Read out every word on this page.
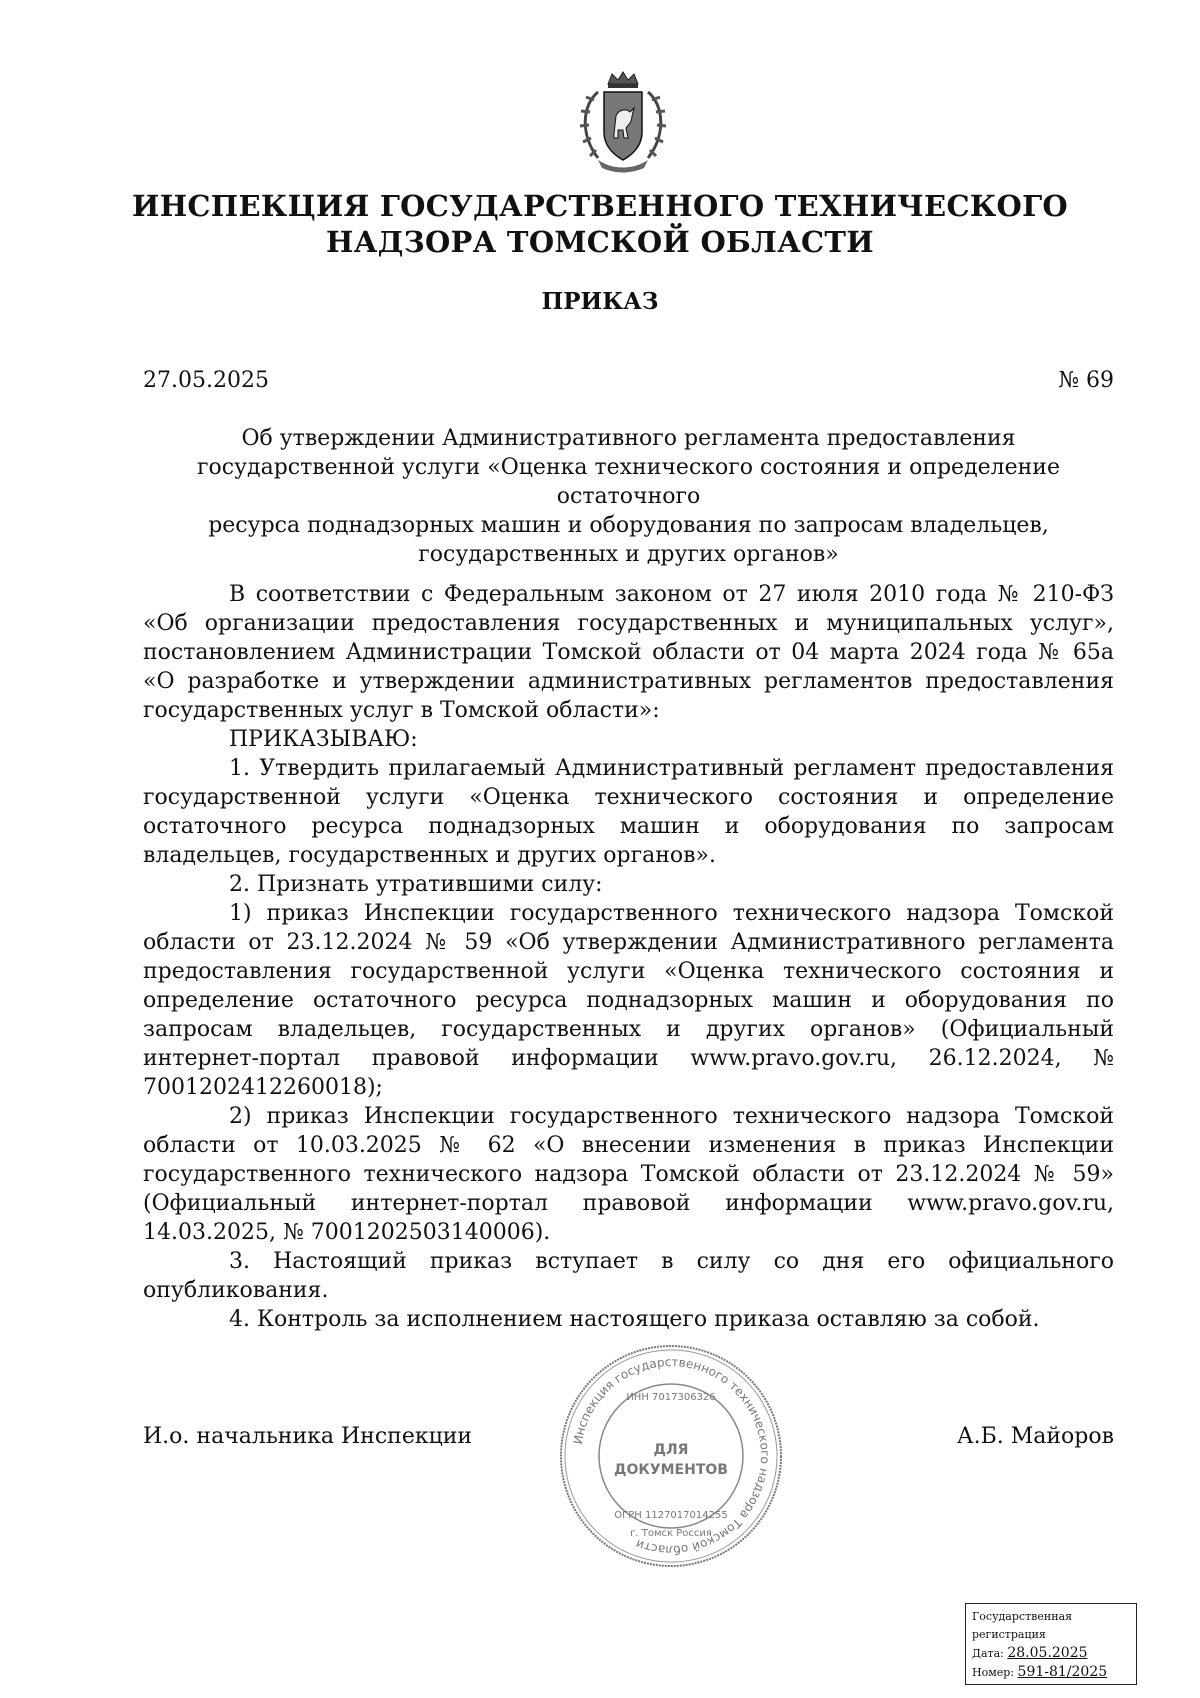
ИНСПЕКЦИЯ ГОСУДАРСТВЕННОГО ТЕХНИЧЕСКОГО
НАДЗОРА ТОМСКОЙ ОБЛАСТИ
ПРИКАЗ
27.05.2025	№ 69
Об утверждении Административного регламента предоставления
государственной услуги «Оценка технического состояния и определение остаточного
ресурса поднадзорных машин и оборудования по запросам владельцев,
государственных и других органов»

В соответствии с Федеральным законом от 27 июля 2010 года № 210-ФЗ «Об организации предоставления государственных и муниципальных услуг», постановлением Администрации Томской области от 04 марта 2024 года № 65а «О разработке и утверждении административных регламентов предоставления государственных услуг в Томской области»:

ПРИКАЗЫВАЮ:

1. Утвердить прилагаемый Административный регламент предоставления государственной услуги «Оценка технического состояния и определение остаточного ресурса поднадзорных машин и оборудования по запросам владельцев, государственных и других органов».

2. Признать утратившими силу:

1) приказ Инспекции государственного технического надзора Томской области от 23.12.2024 № 59 «Об утверждении Административного регламента предоставления государственной услуги «Оценка технического состояния и определение остаточного ресурса поднадзорных машин и оборудования по запросам владельцев, государственных и других органов» (Официальный интернет-портал правовой информации www.pravo.gov.ru, 26.12.2024, № 7001202412260018);

2) приказ Инспекции государственного технического надзора Томской области от 10.03.2025 № 62 «О внесении изменения в приказ Инспекции государственного технического надзора Томской области от 23.12.2024 № 59» (Официальный интернет-портал правовой информации www.pravo.gov.ru, 14.03.2025, № 7001202503140006).

3. Настоящий приказ вступает в силу со дня его официального опубликования.

4. Контроль за исполнением настоящего приказа оставляю за собой.

И.о. начальника Инспекции	А.Б. Майоров
Инспекция государственного технического надзора Томской области
ИНН 7017306326
ДЛЯ
ДОКУМЕНТОВ
ОГРН 1127017014255
г. Томск Россия
Государственная регистрация
Дата: 28.05.2025
Номер: 591-81/2025
